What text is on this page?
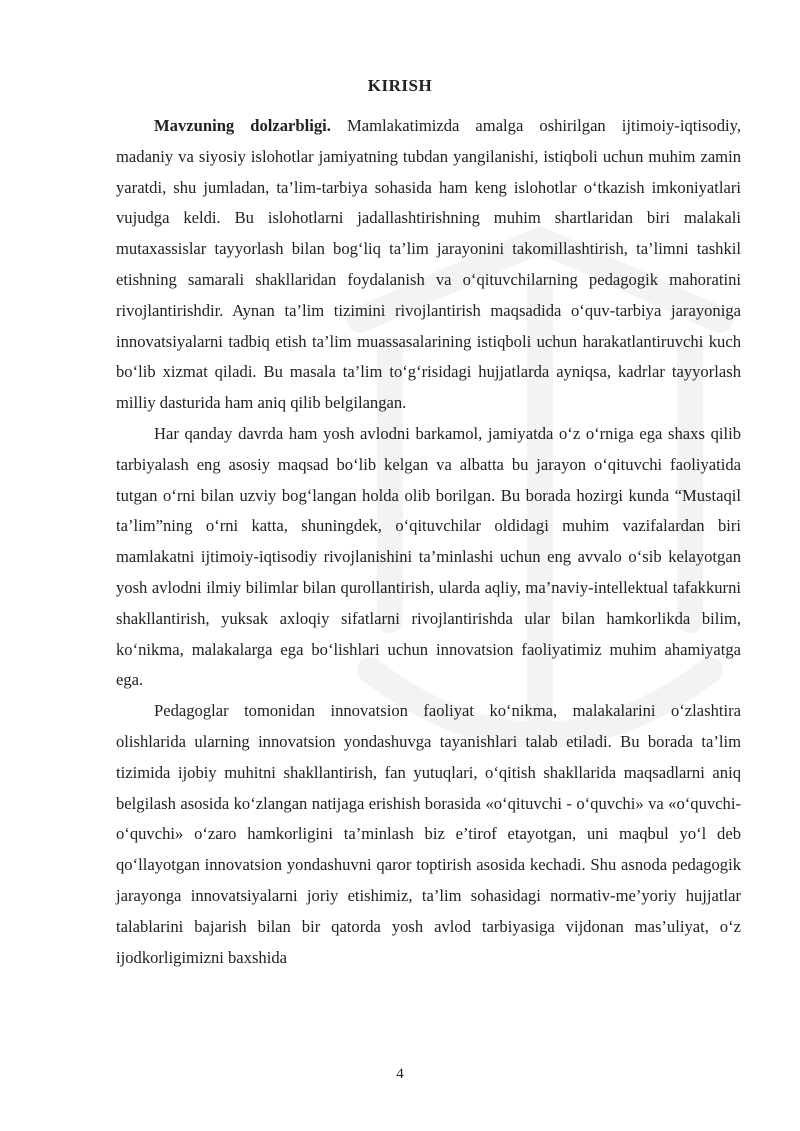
KIRISH

Mavzuning dolzarbligi. Mamlakatimizda amalga oshirilgan ijtimoiy-iqtisodiy, madaniy va siyosiy islohotlar jamiyatning tubdan yangilanishi, istiqboli uchun muhim zamin yaratdi, shu jumladan, ta’lim-tarbiya sohasida ham keng islohotlar o‘tkazish imkoniyatlari vujudga keldi. Bu islohotlarni jadallashtirishning muhim shartlaridan biri malakali mutaxassislar tayyorlash bilan bog‘liq ta’lim jarayonini takomillashtirish, ta’limni tashkil etishning samarali shakllaridan foydalanish va o‘qituvchilarning pedagogik mahoratini rivojlantirishdir. Aynan ta’lim tizimini rivojlantirish maqsadida o‘quv-tarbiya jarayoniga innovatsiyalarni tadbiq etish ta’lim muassasalarining istiqboli uchun harakatlantiruvchi kuch bo‘lib xizmat qiladi. Bu masala ta’lim to‘g‘risidagi hujjatlarda ayniqsa, kadrlar tayyorlash milliy dasturida ham aniq qilib belgilangan.

Har qanday davrda ham yosh avlodni barkamol, jamiyatda o‘z o‘rniga ega shaxs qilib tarbiyalash eng asosiy maqsad bo‘lib kelgan va albatta bu jarayon o‘qituvchi faoliyatida tutgan o‘rni bilan uzviy bog‘langan holda olib borilgan. Bu borada hozirgi kunda “Mustaqil ta’lim”ning o‘rni katta, shuningdek, o‘qituvchilar oldidagi muhim vazifalardan biri mamlakatni ijtimoiy-iqtisodiy rivojlanishini ta’minlashi uchun eng avvalo o‘sib kelayotgan yosh avlodni ilmiy bilimlar bilan qurollantirish, ularda aqliy, ma’naviy-intellektual tafakkurni shakllantirish, yuksak axloqiy sifatlarni rivojlantirishda ular bilan hamkorlikda bilim, ko‘nikma, malakalarga ega bo‘lishlari uchun innovatsion faoliyatimiz muhim ahamiyatga ega.

Pedagoglar tomonidan innovatsion faoliyat ko‘nikma, malakalarini o‘zlashtira olishlarida ularning innovatsion yondashuvga tayanishlari talab etiladi. Bu borada ta’lim tizimida ijobiy muhitni shakllantirish, fan yutuqlari, o‘qitish shakllarida maqsadlarni aniq belgilash asosida ko‘zlangan natijaga erishish borasida «o‘qituvchi - o‘quvchi» va «o‘quvchi-o‘quvchi» o‘zaro hamkorligini ta’minlash biz e’tirof etayotgan, uni maqbul yo‘l deb qo‘llayotgan innovatsion yondashuvni qaror toptirish asosida kechadi. Shu asnoda pedagogik jarayonga innovatsiyalarni joriy etishimiz, ta’lim sohasidagi normativ-me’yoriy hujjatlar talablarini bajarish bilan bir qatorda yosh avlod tarbiyasiga vijdonan mas’uliyat, o‘z ijodkorligimizni baxshida

4
